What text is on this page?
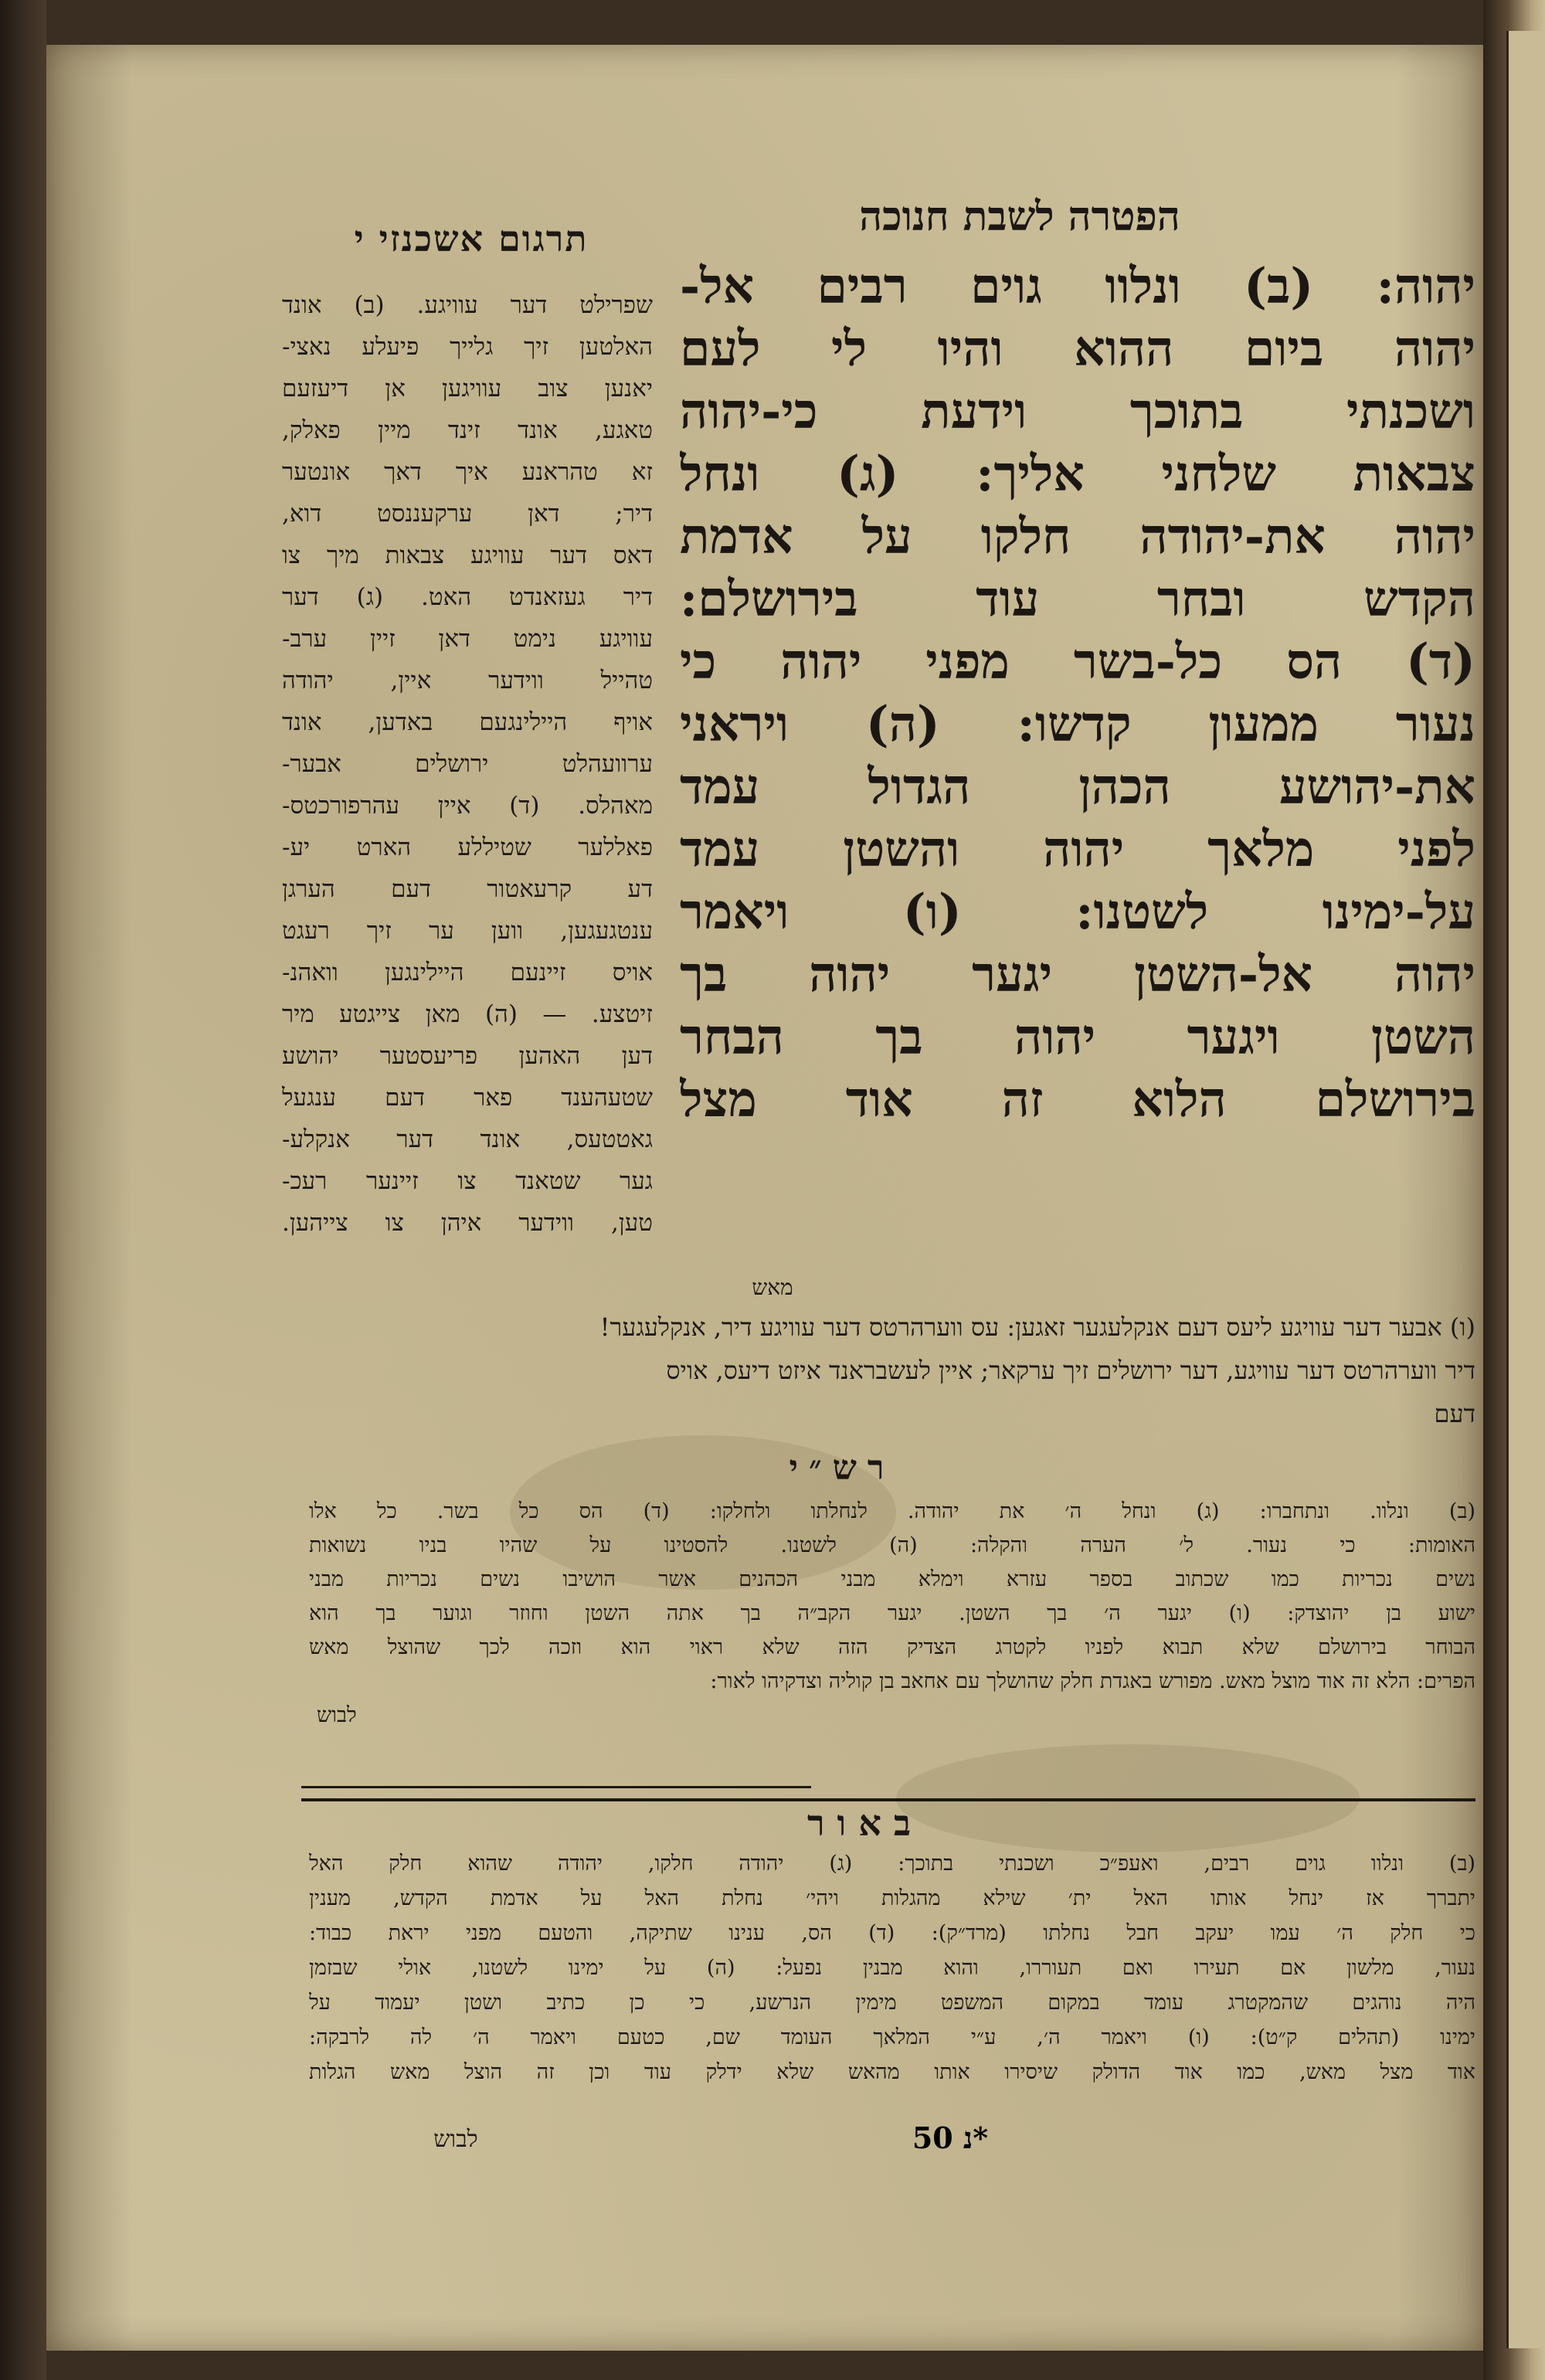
הפטרה לשבת חנוכה
תרגום אשכנזי י
יהוה: (ב) ונלוו גוים רבים אל-
יהוה ביום ההוא והיו לי לעם
ושכנתי בתוכך וידעת כי-יהוה
צבאות שלחני אליך: (ג) ונחל
יהוה את-יהודה חלקו על אדמת
הקדש ובחר עוד בירושלם:
(ד) הס כל-בשר מפני יהוה כי
נעור ממעון קדשו: (ה) ויראני
את-יהושע הכהן הגדול עמד
לפני מלאך יהוה והשטן עמד
על-ימינו לשטנו: (ו) ויאמר
יהוה אל-השטן יגער יהוה בך
השטן ויגער יהוה בך הבחר
בירושלם הלוא זה אוד מצל
מאש
שפרילט דער עוויגע. (ב) אונד
האלטען זיך גלייך פיעלע נאצי-
יאנען צוב עוויגען אן דיעזעם
טאגע, אונד זינד מיין פאלק,
זא טהראנע איך דאך אונטער
דיר; דאן ערקעננסט דוא,
דאס דער עוויגע צבאות מיך צו
דיר געזאנדט האט. (ג) דער
עוויגע נימט דאן זיין ערב-
טהייל ווידער איין, יהודה
אויף היילינגעם באדען, אונד
ערוועהלט ירושלים אבער-
מאהלס. (ד) איין עהרפורכטס-
פאללער שטיללע הארט יע-
דע קרעאטור דעם הערגן
ענטגעגען, ווען ער זיך רעגט
אויס זיינעם היילינגען וואהנ-
זיטצע. — (ה) מאן צייגטע מיר
דען האהען פריעסטער יהושע
שטעהענד פאר דעם ענגעל
גאטטעס, אונד דער אנקלע-
גער שטאנד צו זיינער רעכ-
טען, ווידער איהן צו צייהען.
(ו) אבער דער עוויגע ליעס דעם אנקלעגער זאגען: עס ווערהרטס דער עוויגע דיר, אנקלעגער!
דיר ווערהרטס דער עוויגע, דער ירושלים זיך ערקאר; איין לעשבראנד איזט דיעס, אויס
דעם
רש״י
(ב) ונלוו. ונתחברו: (ג) ונחל ה׳ את יהודה. לנחלתו ולחלקו: (ד) הס כל בשר. כל אלו
האומות: כי נעור. ל׳ הערה והקלה: (ה) לשטנו. להסטינו על שהיו בניו נשואות
נשים נכריות כמו שכתוב בספר עזרא וימלא מבני הכהנים אשר הושיבו נשים נכריות מבני
ישוע בן יהוצדק: (ו) יגער ה׳ בך השטן. יגער הקב״ה בך אתה השטן וחוזר וגוער בך הוא
הבוחר בירושלם שלא תבוא לפניו לקטרג הצדיק הזה שלא ראוי הוא וזכה לכך שהוצל מאש
הפרים: הלא זה אוד מוצל מאש. מפורש באגדת חלק שהושלך עם אחאב בן קוליה וצדקיהו לאור:
לבוש
באור
(ב) ונלוו גוים רבים, ואעפ״כ ושכנתי בתוכך: (ג) יהודה חלקו, יהודה שהוא חלק האל
יתברך אז ינחל אותו האל ית׳ שילא מהגלות ויהי׳ נחלת האל על אדמת הקדש, מענין
כי חלק ה׳ עמו יעקב חבל נחלתו (מרד״ק): (ד) הס, ענינו שתיקה, והטעם מפני יראת כבוד:
נעור, מלשון אם תעירו ואם תעוררו, והוא מבנין נפעל: (ה) על ימינו לשטנו, אולי שבזמן
היה נוהגים שהמקטרג עומד במקום המשפט מימין הנרשע, כי כן כתיב ושטן יעמוד על
ימינו (תהלים ק״ט): (ו) ויאמר ה׳, ע״י המלאך העומד שם, כטעם ויאמר ה׳ לה לרבקה:
אוד מצל מאש, כמו אוד הדולק שיסירו אותו מהאש שלא ידלק עוד וכן זה הוצל מאש הגלות
נ 50*
לבוש
